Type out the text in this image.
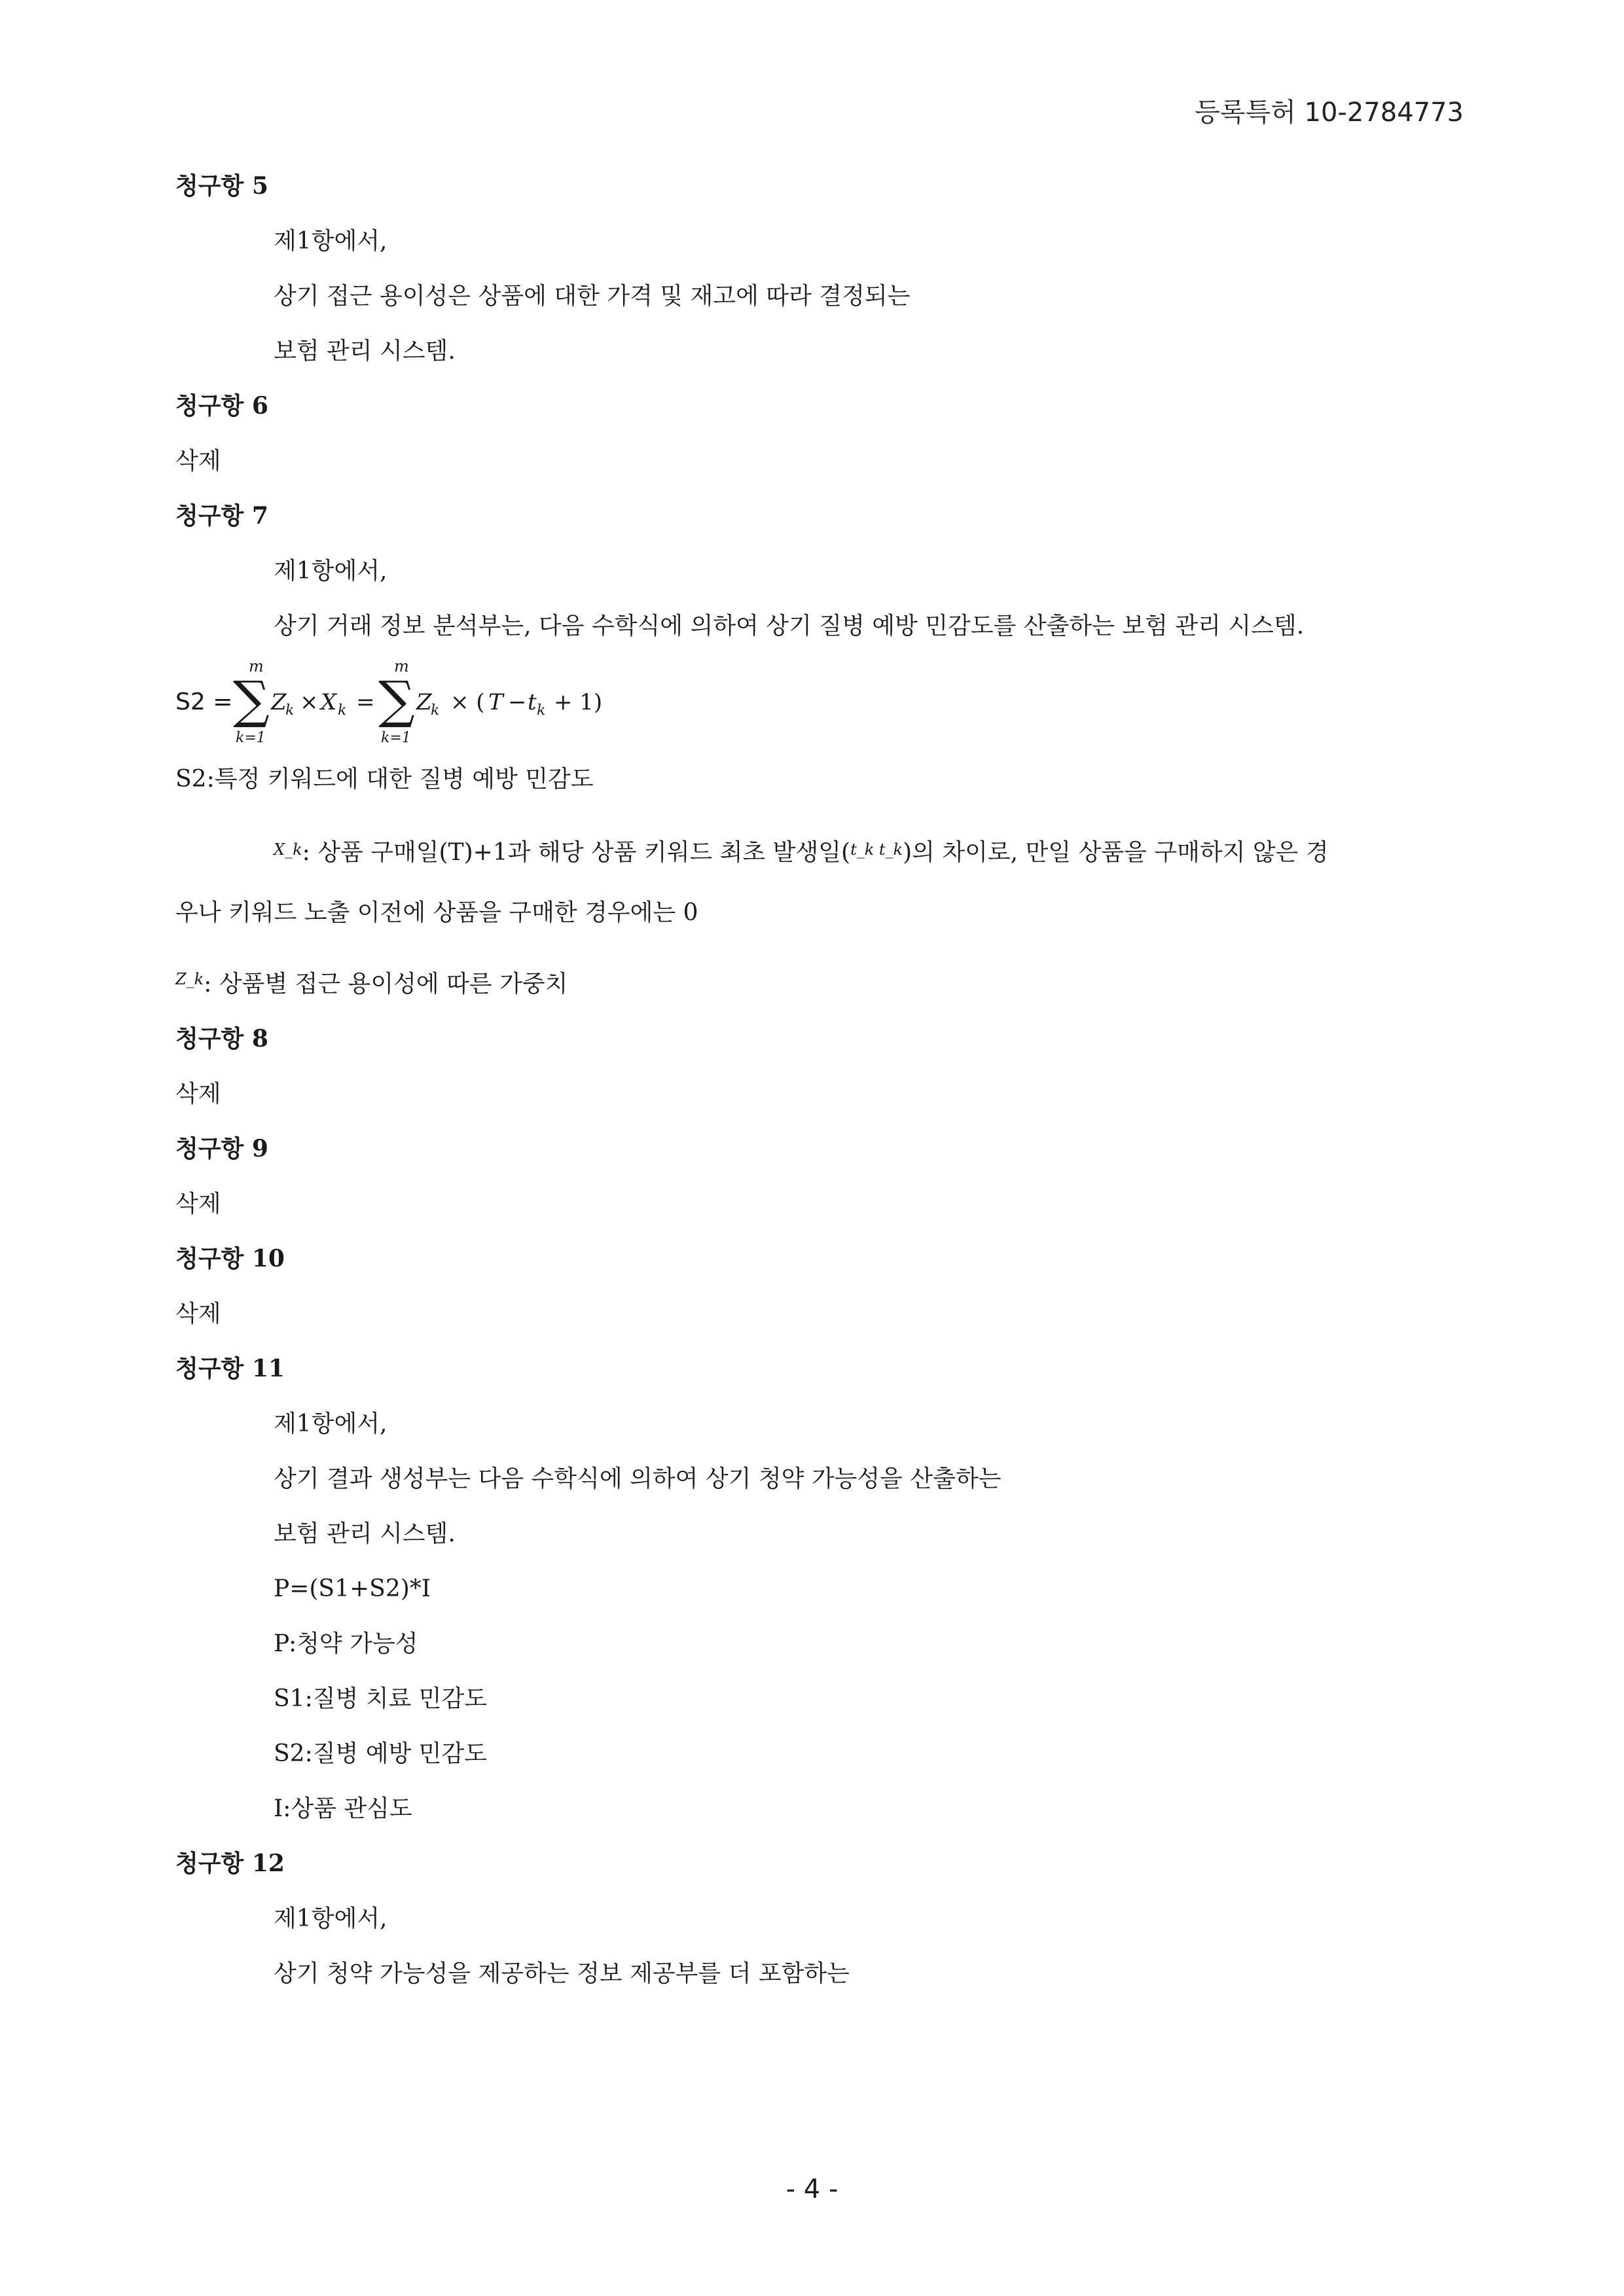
등록특허 10-2784773
청구항 5
제1항에서,
상기 접근 용이성은 상품에 대한 가격 및 재고에 따라 결정되는
보험 관리 시스템.
청구항 6
삭제
청구항 7
제1항에서,
상기 거래 정보 분석부는, 다음 수학식에 의하여 상기 질병 예방 민감도를 산출하는 보험 관리 시스템.
S2 =
m
∑
k=1
Z
k × X k =
m
∑
k=1
Z
k × ( T − t k + 1)
S2:특정 키워드에 대한 질병 예방 민감도
$^{X\_k}$: 상품 구매일(T)+1과 해당 상품 키워드 최초 발생일($^{t\_k t\_k}$)의 차이로, 만일 상품을 구매하지 않은 경
우나 키워드 노출 이전에 상품을 구매한 경우에는 0
Z_k : 상품별 접근 용이성에 따른 가중치
청구항 8
삭제
청구항 9
삭제
청구항 10
삭제
청구항 11
제1항에서,
상기 결과 생성부는 다음 수학식에 의하여 상기 청약 가능성을 산출하는
보험 관리 시스템.
P=(S1+S2)*I
P:청약 가능성
S1:질병 치료 민감도
S2:질병 예방 민감도
I:상품 관심도
청구항 12
제1항에서,
상기 청약 가능성을 제공하는 정보 제공부를 더 포함하는
- 4 -
